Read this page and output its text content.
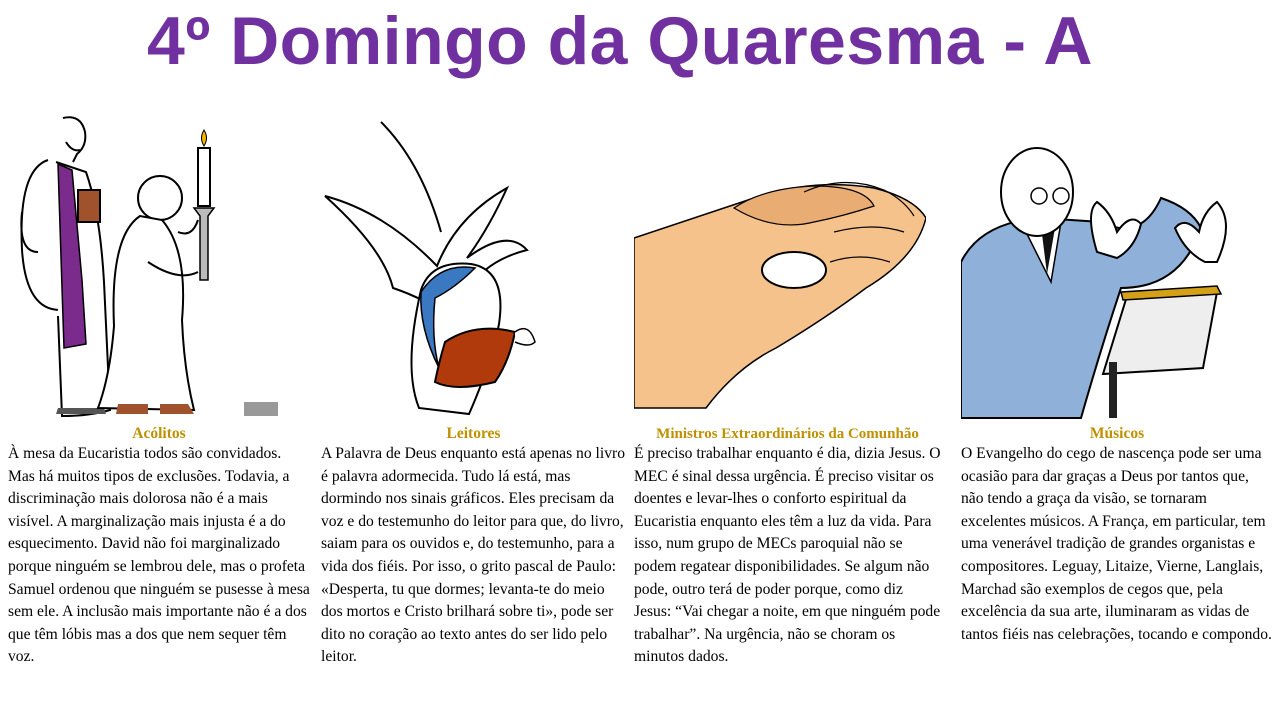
4º Domingo da Quaresma - A
Acólitos
À mesa da Eucaristia todos são convidados. Mas há muitos tipos de exclusões. Todavia, a discriminação mais dolorosa não é a mais visível. A marginalização mais injusta é a do esquecimento. David não foi marginalizado porque ninguém se lembrou dele, mas o profeta Samuel ordenou que ninguém se pusesse à mesa sem ele. A inclusão mais importante não é a dos que têm lóbis mas a dos que nem sequer têm voz.
Leitores
A Palavra de Deus enquanto está apenas no livro é palavra adormecida. Tudo lá está, mas dormindo nos sinais gráficos. Eles precisam da voz e do testemunho do leitor para que, do livro, saiam para os ouvidos e, do testemunho, para a vida dos fiéis. Por isso, o grito pascal de Paulo: «Desperta, tu que dormes; levanta-te do meio dos mortos e Cristo brilhará sobre ti», pode ser dito no coração ao texto antes do ser lido pelo leitor.
Ministros Extraordinários da Comunhão
É preciso trabalhar enquanto é dia, dizia Jesus. O MEC é sinal dessa urgência. É preciso visitar os doentes e levar-lhes o conforto espiritual da Eucaristia enquanto eles têm a luz da vida. Para isso, num grupo de MECs paroquial não se podem regatear disponibilidades. Se algum não pode, outro terá de poder porque, como diz Jesus: “Vai chegar a noite, em que ninguém pode trabalhar”. Na urgência, não se choram os minutos dados.
Músicos
O Evangelho do cego de nascença pode ser uma ocasião para dar graças a Deus por tantos que, não tendo a graça da visão, se tornaram excelentes músicos. A França, em particular, tem uma venerável tradição de grandes organistas e compositores. Leguay, Litaize, Vierne, Langlais, Marchad são exemplos de cegos que, pela excelência da sua arte, iluminaram as vidas de tantos fiéis nas celebrações, tocando e compondo.
